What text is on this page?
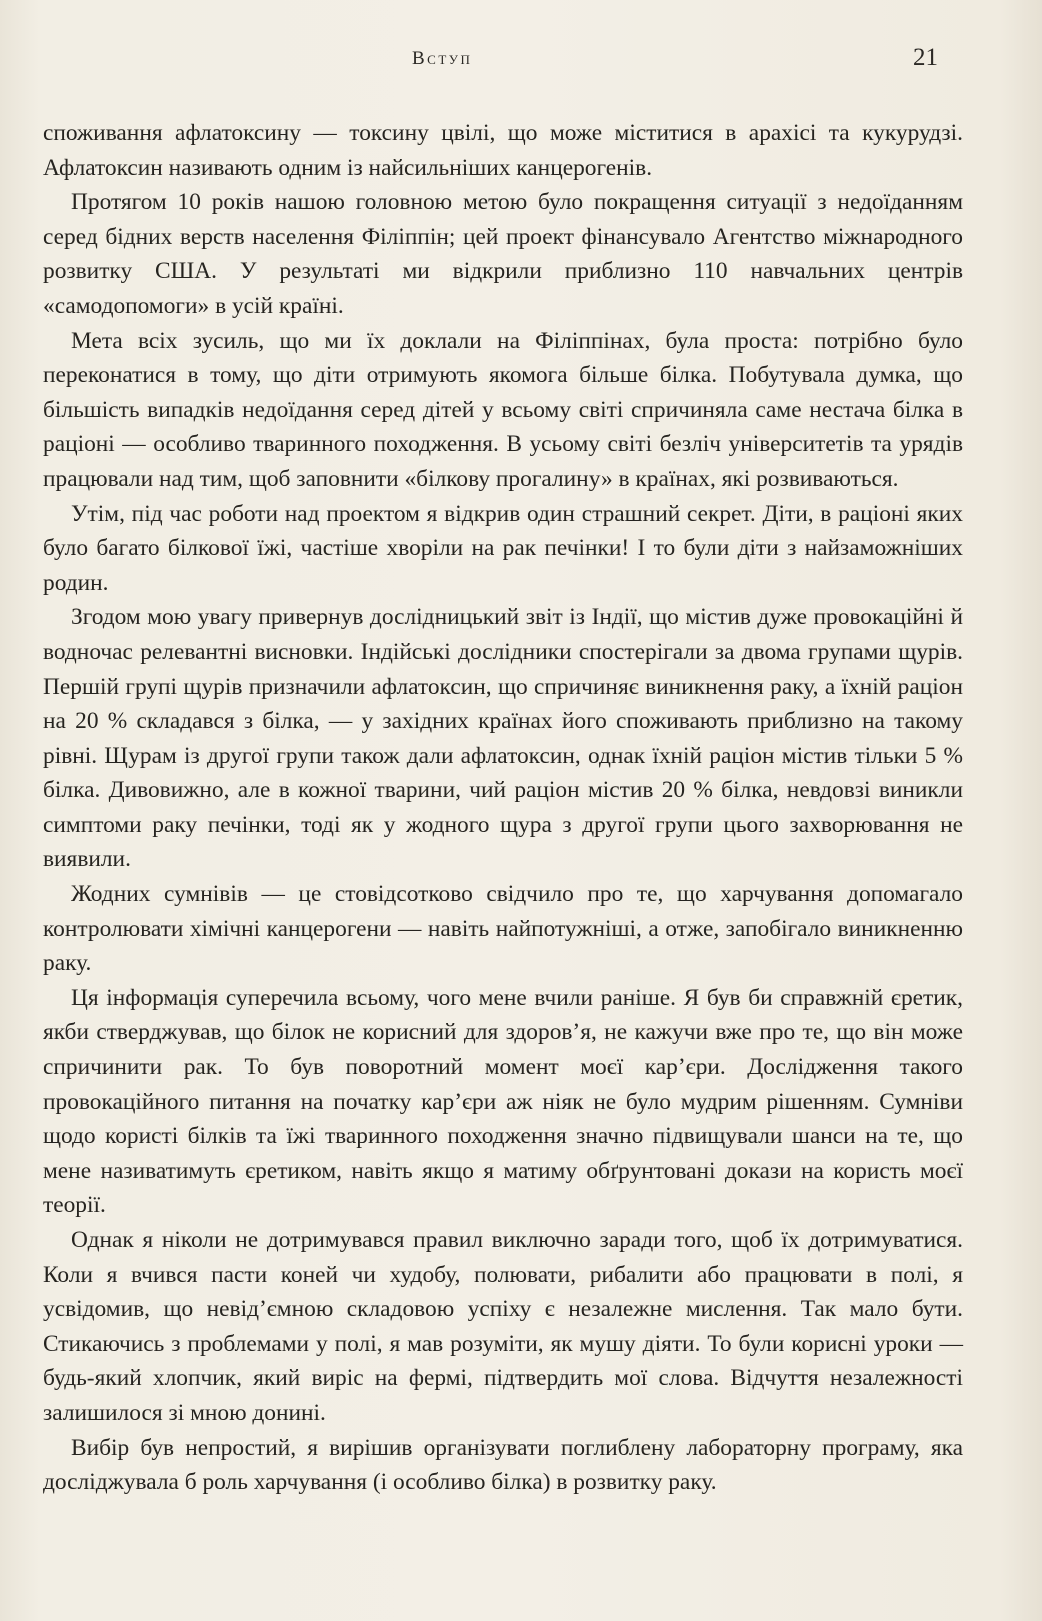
Вступ	21

споживання афлатоксину — токсину цвілі, що може міститися в арахісі та кукурудзі. Афлатоксин називають одним із найсильніших канцерогенів.

Протягом 10 років нашою головною метою було покращення ситуації з недоїданням серед бідних верств населення Філіппін; цей проект фінансувало Агентство міжнародного розвитку США. У результаті ми відкрили приблизно 110 навчальних центрів «самодопомоги» в усій країні.

Мета всіх зусиль, що ми їх доклали на Філіппінах, була проста: потрібно було переконатися в тому, що діти отримують якомога більше білка. Побутувала думка, що більшість випадків недоїдання серед дітей у всьому світі спричиняла саме нестача білка в раціоні — особливо тваринного походження. В усьому світі безліч університетів та урядів працювали над тим, щоб заповнити «білкову прогалину» в країнах, які розвиваються.

Утім, під час роботи над проектом я відкрив один страшний секрет. Діти, в раціоні яких було багато білкової їжі, частіше хворіли на рак печінки! І то були діти з найзаможніших родин.

Згодом мою увагу привернув дослідницький звіт із Індії, що містив дуже провокаційні й водночас релевантні висновки. Індійські дослідники спостерігали за двома групами щурів. Першій групі щурів призначили афлатоксин, що спричиняє виникнення раку, а їхній раціон на 20 % складався з білка, — у західних країнах його споживають приблизно на такому рівні. Щурам із другої групи також дали афлатоксин, однак їхній раціон містив тільки 5 % білка. Дивовижно, але в кожної тварини, чий раціон містив 20 % білка, невдовзі виникли симптоми раку печінки, тоді як у жодного щура з другої групи цього захворювання не виявили.

Жодних сумнівів — це стовідсотково свідчило про те, що харчування допомагало контролювати хімічні канцерогени — навіть найпотужніші, а отже, запобігало виникненню раку.

Ця інформація суперечила всьому, чого мене вчили раніше. Я був би справжній єретик, якби стверджував, що білок не корисний для здоров’я, не кажучи вже про те, що він може спричинити рак. То був поворотний момент моєї кар’єри. Дослідження такого провокаційного питання на початку кар’єри аж ніяк не було мудрим рішенням. Сумніви щодо користі білків та їжі тваринного походження значно підвищували шанси на те, що мене називатимуть єретиком, навіть якщо я матиму обґрунтовані докази на користь моєї теорії.

Однак я ніколи не дотримувався правил виключно заради того, щоб їх дотримуватися. Коли я вчився пасти коней чи худобу, полювати, рибалити або працювати в полі, я усвідомив, що невід’ємною складовою успіху є незалежне мислення. Так мало бути. Стикаючись з проблемами у полі, я мав розуміти, як мушу діяти. То були корисні уроки — будь-який хлопчик, який виріс на фермі, підтвердить мої слова. Відчуття незалежності залишилося зі мною донині.

Вибір був непростий, я вирішив організувати поглиблену лабораторну програму, яка досліджувала б роль харчування (і особливо білка) в розвитку раку.
